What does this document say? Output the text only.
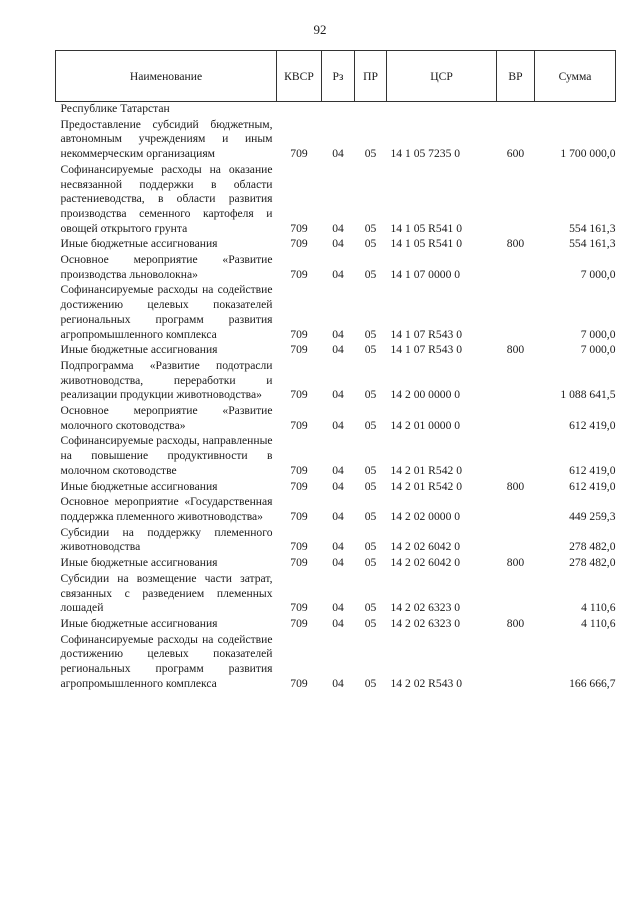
92
Наименование	КВСР	Рз	ПР	ЦСР	ВР	Сумма
Республике Татарстан						
Предоставление субсидий бюджетным, автономным учреждениям и иным некоммерческим организациям	709	04	05	14 1 05 7235 0	600	1 700 000,0
Софинансируемые расходы на оказание несвязанной поддержки в области растениеводства, в области развития производства семенного картофеля и овощей открытого грунта	709	04	05	14 1 05 R541 0		554 161,3
Иные бюджетные ассигнования	709	04	05	14 1 05 R541 0	800	554 161,3
Основное мероприятие «Развитие производства льноволокна»	709	04	05	14 1 07 0000 0		7 000,0
Софинансируемые расходы на содействие достижению целевых показателей региональных программ развития агропромышленного комплекса	709	04	05	14 1 07 R543 0		7 000,0
Иные бюджетные ассигнования	709	04	05	14 1 07 R543 0	800	7 000,0
Подпрограмма «Развитие подотрасли животноводства, переработки и реализации продукции животноводства»	709	04	05	14 2 00 0000 0		1 088 641,5
Основное мероприятие «Развитие молочного скотоводства»	709	04	05	14 2 01 0000 0		612 419,0
Софинансируемые расходы, направленные на повышение продуктивности в молочном скотоводстве	709	04	05	14 2 01 R542 0		612 419,0
Иные бюджетные ассигнования	709	04	05	14 2 01 R542 0	800	612 419,0
Основное мероприятие «Государственная поддержка племенного животноводства»	709	04	05	14 2 02 0000 0		449 259,3
Субсидии на поддержку племенного животноводства	709	04	05	14 2 02 6042 0		278 482,0
Иные бюджетные ассигнования	709	04	05	14 2 02 6042 0	800	278 482,0
Субсидии на возмещение части затрат, связанных с разведением племенных лошадей	709	04	05	14 2 02 6323 0		4 110,6
Иные бюджетные ассигнования	709	04	05	14 2 02 6323 0	800	4 110,6
Софинансируемые расходы на содействие достижению целевых показателей региональных программ развития агропромышленного комплекса	709	04	05	14 2 02 R543 0		166 666,7
